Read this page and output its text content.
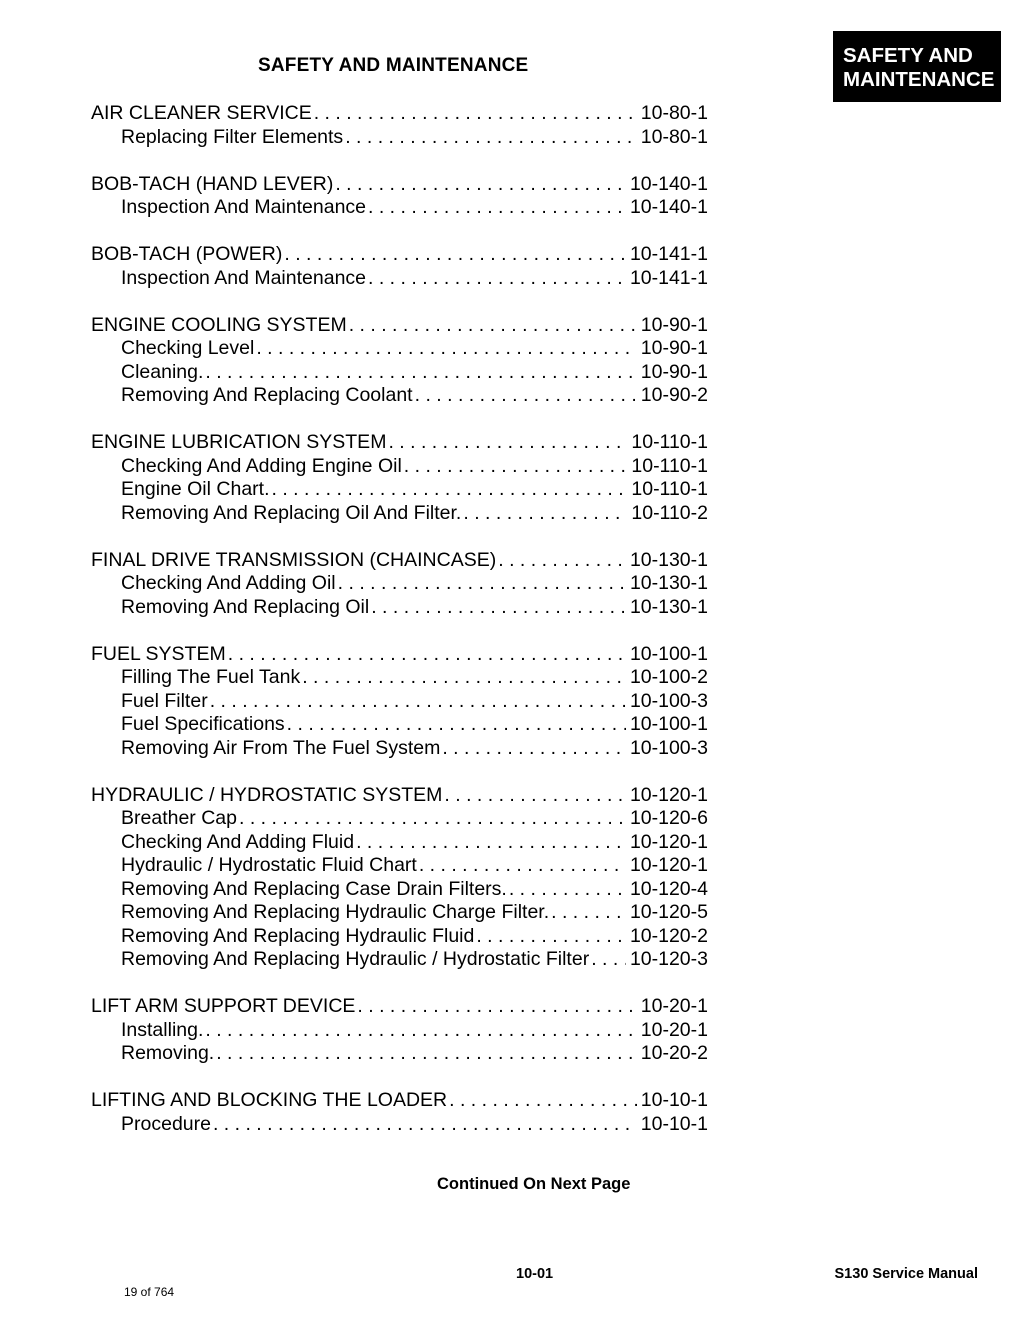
SAFETY AND MAINTENANCE	SAFETY AND
MAINTENANCE
AIR CLEANER SERVICE . . .	10-80-1
Replacing Filter Elements . . .	10-80-1
BOB-TACH (HAND LEVER) . . .	10-140-1
Inspection And Maintenance . . .	10-140-1
BOB-TACH (POWER) . . .	10-141-1
Inspection And Maintenance . . .	10-141-1
ENGINE COOLING SYSTEM . . .	10-90-1
Checking Level . . .	10-90-1
Cleaning. . . .	10-90-1
Removing And Replacing Coolant . . .	10-90-2
ENGINE LUBRICATION SYSTEM . . .	10-110-1
Checking And Adding Engine Oil . . .	10-110-1
Engine Oil Chart. . . .	10-110-1
Removing And Replacing Oil And Filter. . . .	10-110-2
FINAL DRIVE TRANSMISSION (CHAINCASE) . . .	10-130-1
Checking And Adding Oil . . .	10-130-1
Removing And Replacing Oil . . .	10-130-1
FUEL SYSTEM . . .	10-100-1
Filling The Fuel Tank . . .	10-100-2
Fuel Filter . . .	10-100-3
Fuel Specifications . . .	10-100-1
Removing Air From The Fuel System . . .	10-100-3
HYDRAULIC / HYDROSTATIC SYSTEM . . .	10-120-1
Breather Cap . . .	10-120-6
Checking And Adding Fluid . . .	10-120-1
Hydraulic / Hydrostatic Fluid Chart . . .	10-120-1
Removing And Replacing Case Drain Filters. . . .	10-120-4
Removing And Replacing Hydraulic Charge Filter. . . .	10-120-5
Removing And Replacing Hydraulic Fluid . . .	10-120-2
Removing And Replacing Hydraulic / Hydrostatic Filter . . . 10-120-3
LIFT ARM SUPPORT DEVICE . . .	10-20-1
Installing. . . .	10-20-1
Removing. . . .	10-20-2
LIFTING AND BLOCKING THE LOADER . . .	10-10-1
Procedure . . .	10-10-1
Continued On Next Page
10-01	S130 Service Manual
19 of 764
